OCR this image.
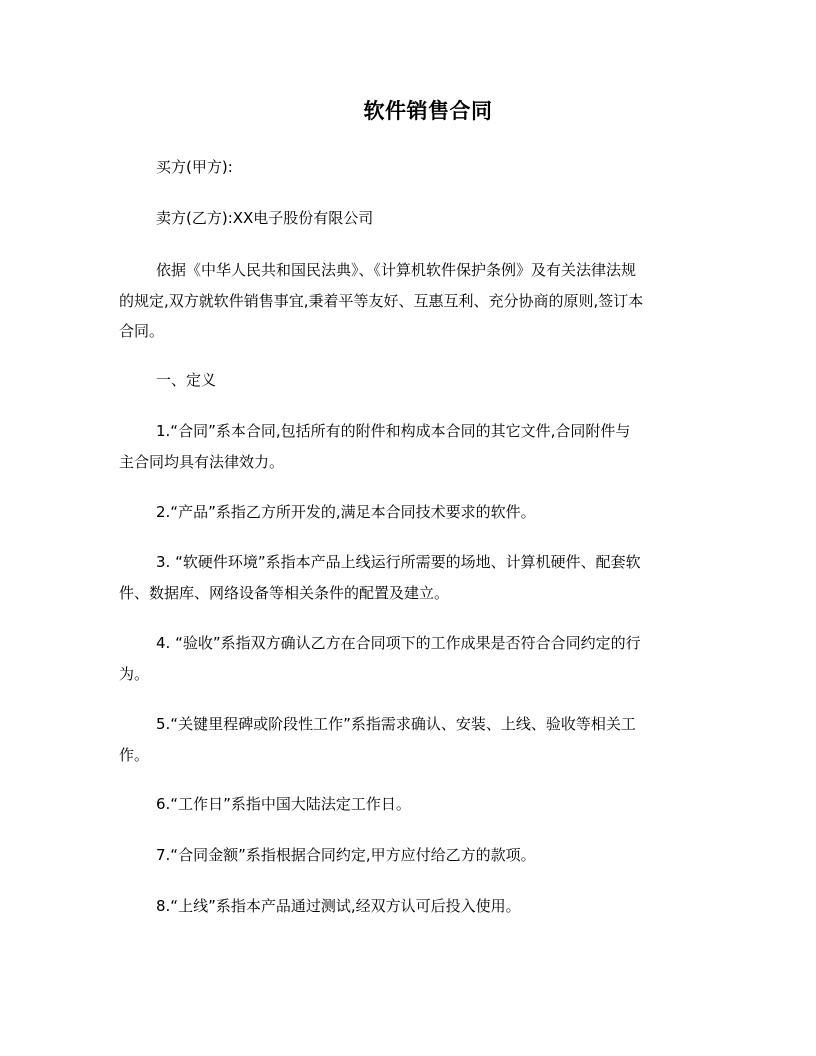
软件销售合同

买方(甲方):

卖方(乙方):XX电子股份有限公司

依据《中华人民共和国民法典》、《计算机软件保护条例》及有关法律法规
的规定,双方就软件销售事宜,秉着平等友好、互惠互利、充分协商的原则,签订本
合同。

一、定义

1.“合同”系本合同,包括所有的附件和构成本合同的其它文件,合同附件与
主合同均具有法律效力。

2.“产品”系指乙方所开发的,满足本合同技术要求的软件。

3. “软硬件环境”系指本产品上线运行所需要的场地、计算机硬件、配套软
件、数据库、网络设备等相关条件的配置及建立。

4. “验收”系指双方确认乙方在合同项下的工作成果是否符合合同约定的行
为。

5.“关键里程碑或阶段性工作”系指需求确认、安装、上线、验收等相关工
作。

6.“工作日”系指中国大陆法定工作日。

7.“合同金额”系指根据合同约定,甲方应付给乙方的款项。

8.“上线”系指本产品通过测试,经双方认可后投入使用。
